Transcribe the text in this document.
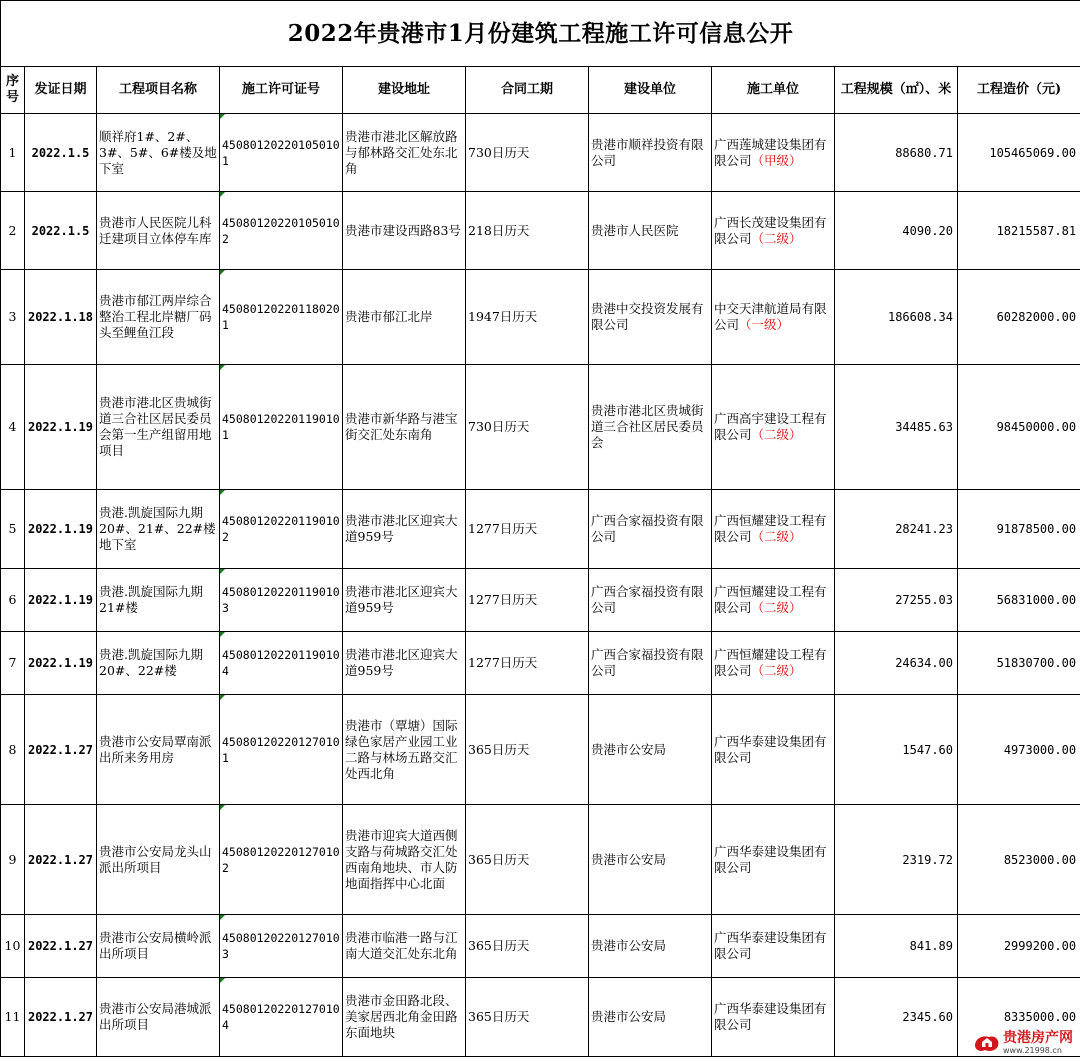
2022年贵港市1月份建筑工程施工许可信息公开									
序号	发证日期	工程项目名称	施工许可证号	建设地址	合同工期	建设单位	施工单位	工程规模（㎡）、米	工程造价（元)
1	2022.1.5	顺祥府1#、2#、3#、5#、6#楼及地下室	450801202201050101	贵港市港北区解放路与郁林路交汇处东北角	730日历天	贵港市顺祥投资有限公司	广西莲城建设集团有限公司（甲级）	88680.71	105465069.00
2	2022.1.5	贵港市人民医院儿科迁建项目立体停车库	450801202201050102	贵港市建设西路83号	218日历天	贵港市人民医院	广西长茂建设集团有限公司（二级）	4090.20	18215587.81
3	2022.1.18	贵港市郁江两岸综合整治工程北岸糖厂码头至鲤鱼江段	450801202201180201	贵港市郁江北岸	1947日历天	贵港中交投资发展有限公司	中交天津航道局有限公司（一级）	186608.34	60282000.00
4	2022.1.19	贵港市港北区贵城街道三合社区居民委员会第一生产组留用地项目	450801202201190101	贵港市新华路与港宝街交汇处东南角	730日历天	贵港市港北区贵城街道三合社区居民委员会	广西高宇建设工程有限公司（二级）	34485.63	98450000.00
5	2022.1.19	贵港.凯旋国际九期20#、21#、22#楼地下室	450801202201190102	贵港市港北区迎宾大道959号	1277日历天	广西合家福投资有限公司	广西恒耀建设工程有限公司（二级）	28241.23	91878500.00
6	2022.1.19	贵港.凯旋国际九期21#楼	450801202201190103	贵港市港北区迎宾大道959号	1277日历天	广西合家福投资有限公司	广西恒耀建设工程有限公司（二级）	27255.03	56831000.00
7	2022.1.19	贵港.凯旋国际九期20#、22#楼	450801202201190104	贵港市港北区迎宾大道959号	1277日历天	广西合家福投资有限公司	广西恒耀建设工程有限公司（二级）	24634.00	51830700.00
8	2022.1.27	贵港市公安局覃南派出所来务用房	450801202201270101	贵港市（覃塘）国际绿色家居产业园工业二路与林场五路交汇处西北角	365日历天	贵港市公安局	广西华泰建设集团有限公司	1547.60	4973000.00
9	2022.1.27	贵港市公安局龙头山派出所项目	450801202201270102	贵港市迎宾大道西侧支路与荷城路交汇处西南角地块、市人防地面指挥中心北面	365日历天	贵港市公安局	广西华泰建设集团有限公司	2319.72	8523000.00
10	2022.1.27	贵港市公安局横岭派出所项目	450801202201270103	贵港市临港一路与江南大道交汇处东北角	365日历天	贵港市公安局	广西华泰建设集团有限公司	841.89	2999200.00
11	2022.1.27	贵港市公安局港城派出所项目	450801202201270104	贵港市金田路北段、美家居西北角金田路东面地块	365日历天	贵港市公安局	广西华泰建设集团有限公司	2345.60	8335000.00
贵港房产网
www.21998.cn
